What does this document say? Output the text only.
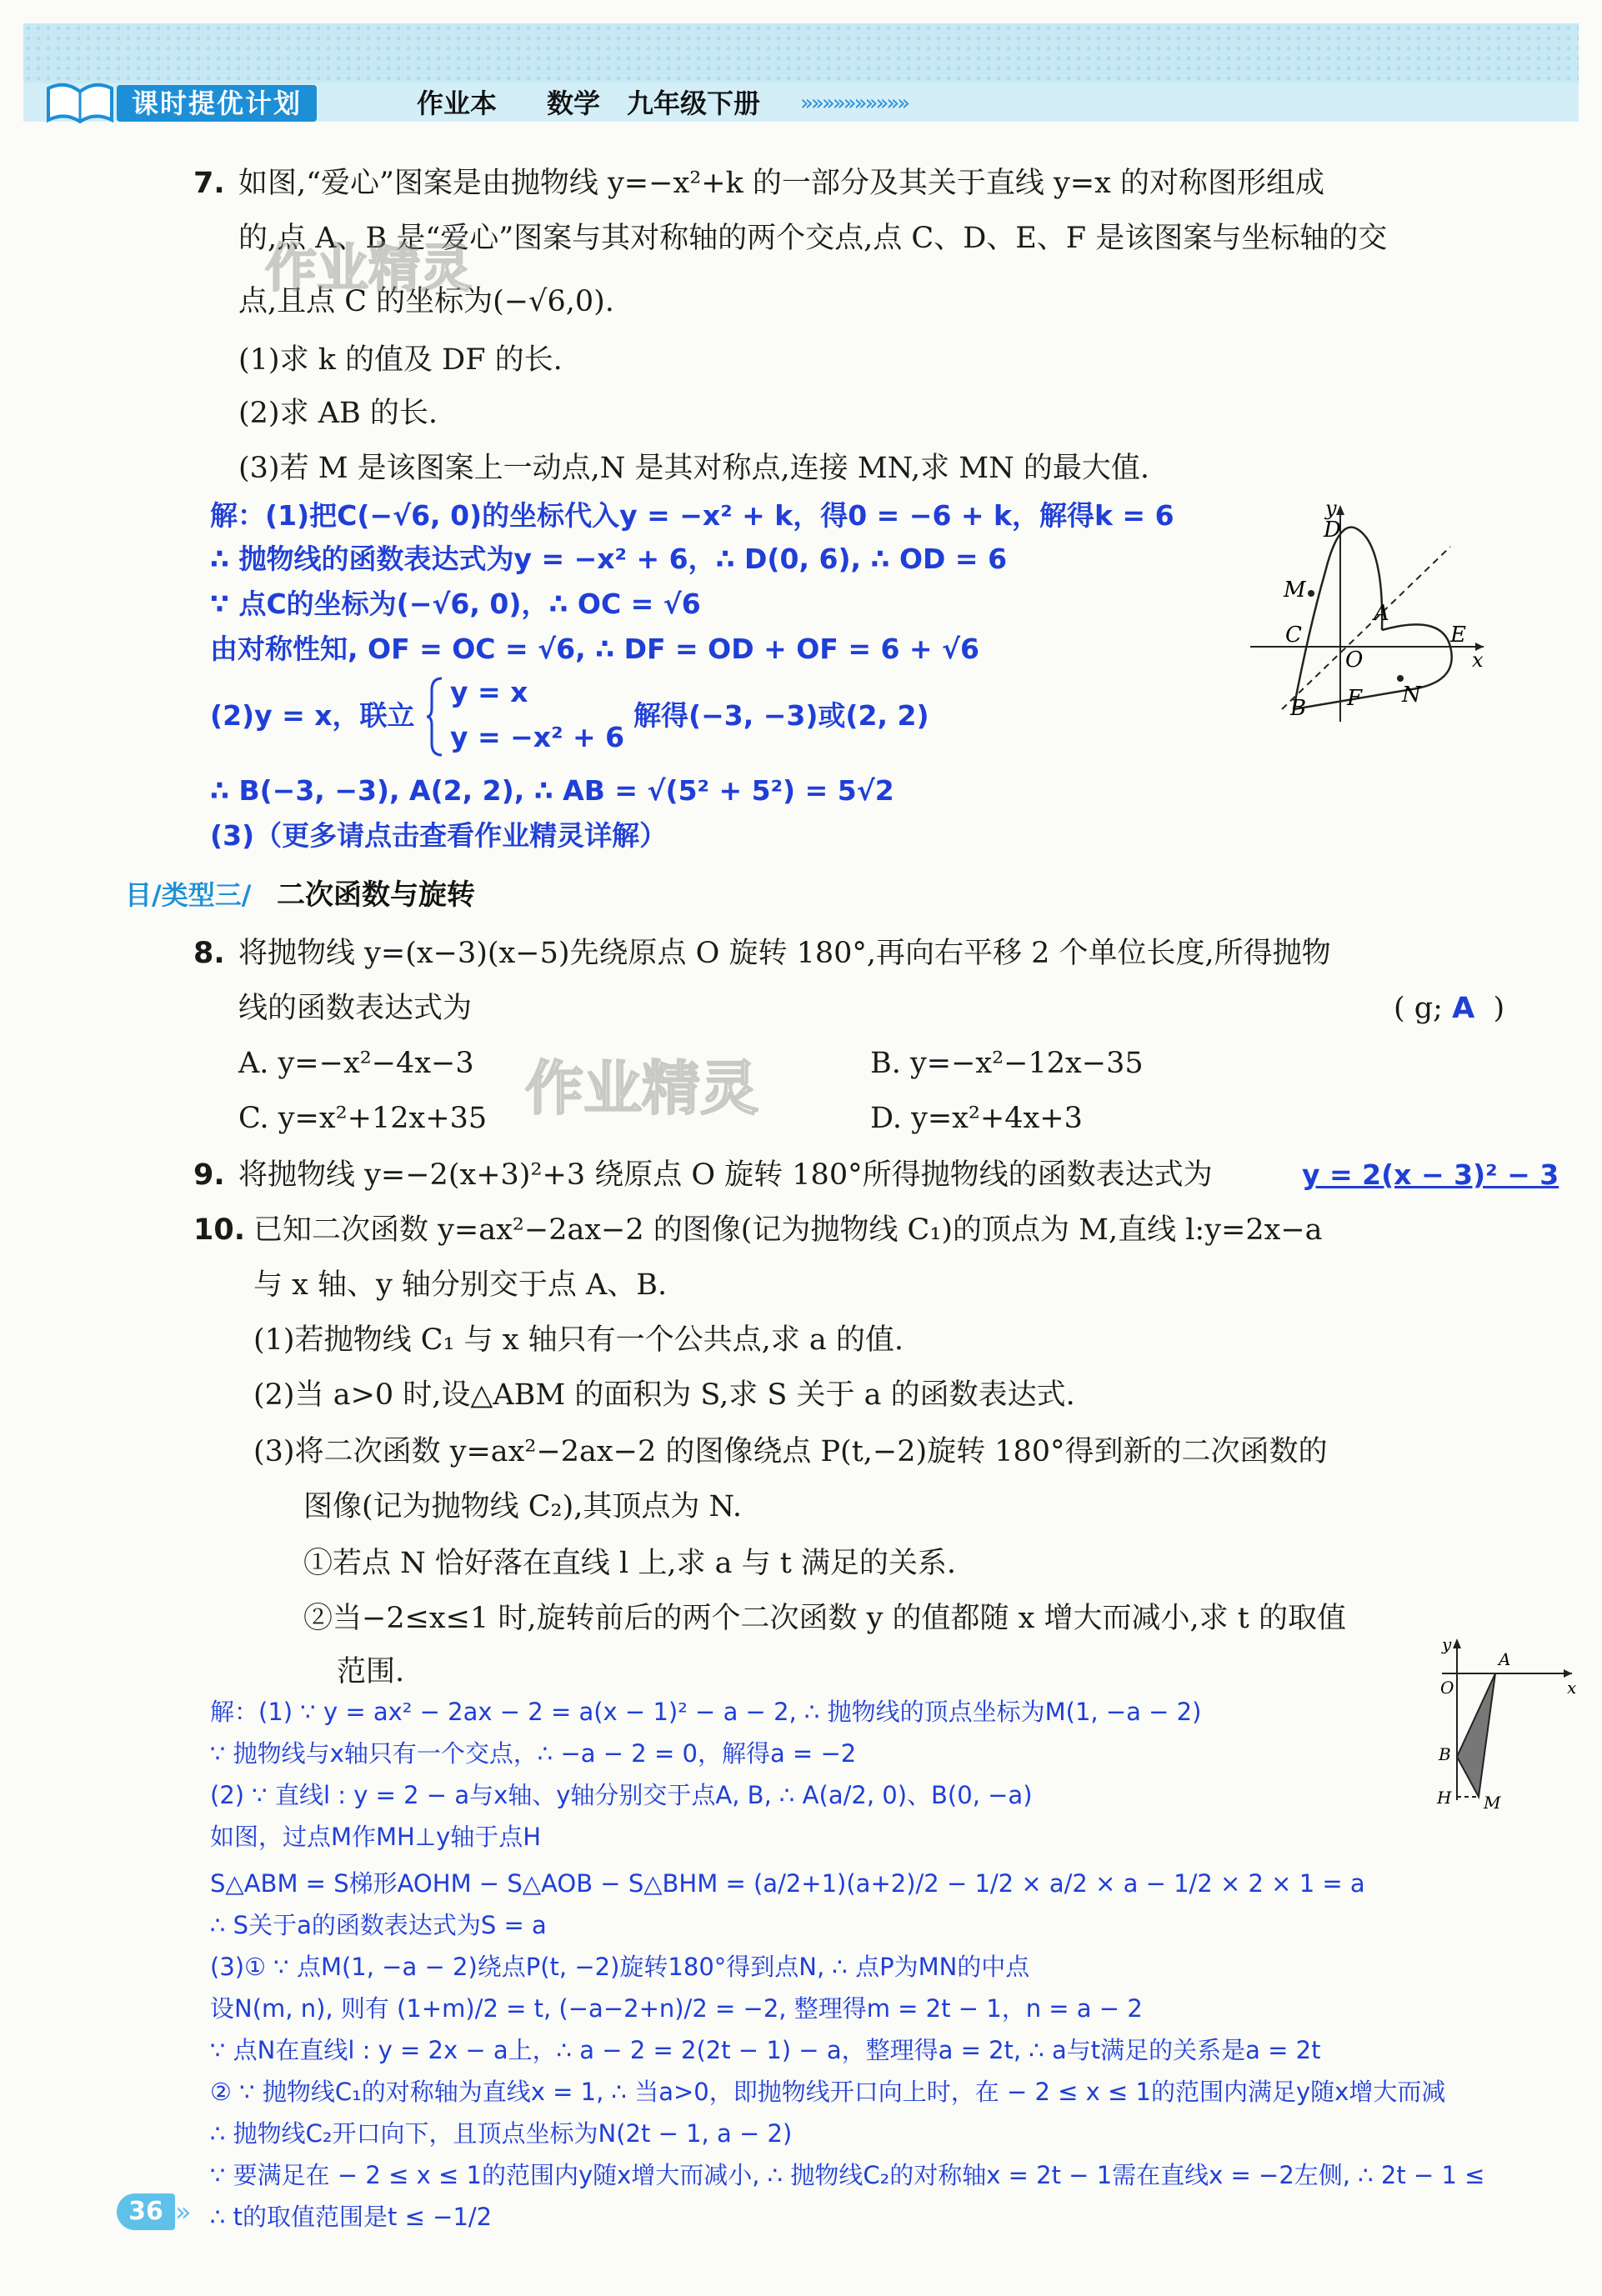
课时提优计划	作业本 数学 九年级下册 »»»»»»»»»»
7. 如图,“爱心”图案是由抛物线 y=−x²+k 的一部分及其关于直线 y=x 的对称图形组成
的,点 A、B 是“爱心”图案与其对称轴的两个交点,点 C、D、E、F 是该图案与坐标轴的交
点,且点 C 的坐标为(−√6,0).
(1)求 k 的值及 DF 的长.
(2)求 AB 的长.
(3)若 M 是该图案上一动点,N 是其对称点,连接 MN,求 MN 的最大值.
作业精灵
解：(1)把C(−√6, 0)的坐标代入y = −x² + k，得0 = −6 + k，解得k = 6
∴ 抛物线的函数表达式为y = −x² + 6，∴ D(0, 6), ∴ OD = 6
∵ 点C的坐标为(−√6, 0)，∴ OC = √6
由对称性知, OF = OC = √6, ∴ DF = OD + OF = 6 + √6
(2)y = x，联立
y = x
y = −x² + 6
解得(−3, −3)或(2, 2)
∴ B(−3, −3), A(2, 2), ∴ AB = √(5² + 5²) = 5√2
(3)（更多请点击查看作业精灵详解）
y
D
M
A
C	E
O	x
B F N
目/类型三/ 二次函数与旋转
8. 将抛物线 y=(x−3)(x−5)先绕原点 O 旋转 180°,再向右平移 2 个单位长度,所得抛物
线的函数表达式为	( g; A )
A. y=−x²−4x−3	B. y=−x²−12x−35
C. y=x²+12x+35	D. y=x²+4x+3
作业精灵
9. 将抛物线 y=−2(x+3)²+3 绕原点 O 旋转 180°所得抛物线的函数表达式为	y = 2(x − 3)² − 3
10. 已知二次函数 y=ax²−2ax−2 的图像(记为抛物线 C₁)的顶点为 M,直线 l:y=2x−a
与 x 轴、y 轴分别交于点 A、B.
(1)若抛物线 C₁ 与 x 轴只有一个公共点,求 a 的值.
(2)当 a>0 时,设△ABM 的面积为 S,求 S 关于 a 的函数表达式.
(3)将二次函数 y=ax²−2ax−2 的图像绕点 P(t,−2)旋转 180°得到新的二次函数的
图像(记为抛物线 C₂),其顶点为 N.
①若点 N 恰好落在直线 l 上,求 a 与 t 满足的关系.
②当−2≤x≤1 时,旋转前后的两个二次函数 y 的值都随 x 增大而减小,求 t 的取值
范围.
y
A
O	x
B
H M
解：(1) ∵ y = ax² − 2ax − 2 = a(x − 1)² − a − 2, ∴ 抛物线的顶点坐标为M(1, −a − 2)
∵ 抛物线与x轴只有一个交点，∴ −a − 2 = 0，解得a = −2
(2) ∵ 直线l : y = 2 − a与x轴、y轴分别交于点A, B, ∴ A(a/2, 0)、B(0, −a)
如图，过点M作MH⊥y轴于点H
S△ABM = S梯形AOHM − S△AOB − S△BHM = (a/2+1)(a+2)/2 − 1/2 × a/2 × a − 1/2 × 2 × 1 = a
∴ S关于a的函数表达式为S = a
(3)① ∵ 点M(1, −a − 2)绕点P(t, −2)旋转180°得到点N, ∴ 点P为MN的中点
设N(m, n), 则有 (1+m)/2 = t, (−a−2+n)/2 = −2, 整理得m = 2t − 1，n = a − 2
∵ 点N在直线l : y = 2x − a上，∴ a − 2 = 2(2t − 1) − a，整理得a = 2t, ∴ a与t满足的关系是a = 2t
② ∵ 抛物线C₁的对称轴为直线x = 1, ∴ 当a>0，即抛物线开口向上时，在 − 2 ≤ x ≤ 1的范围内满足y随x增大而减
∴ 抛物线C₂开口向下，且顶点坐标为N(2t − 1, a − 2)
∵ 要满足在 − 2 ≤ x ≤ 1的范围内y随x增大而减小, ∴ 抛物线C₂的对称轴x = 2t − 1需在直线x = −2左侧, ∴ 2t − 1 ≤
∴ t的取值范围是t ≤ −1/2
36 »
